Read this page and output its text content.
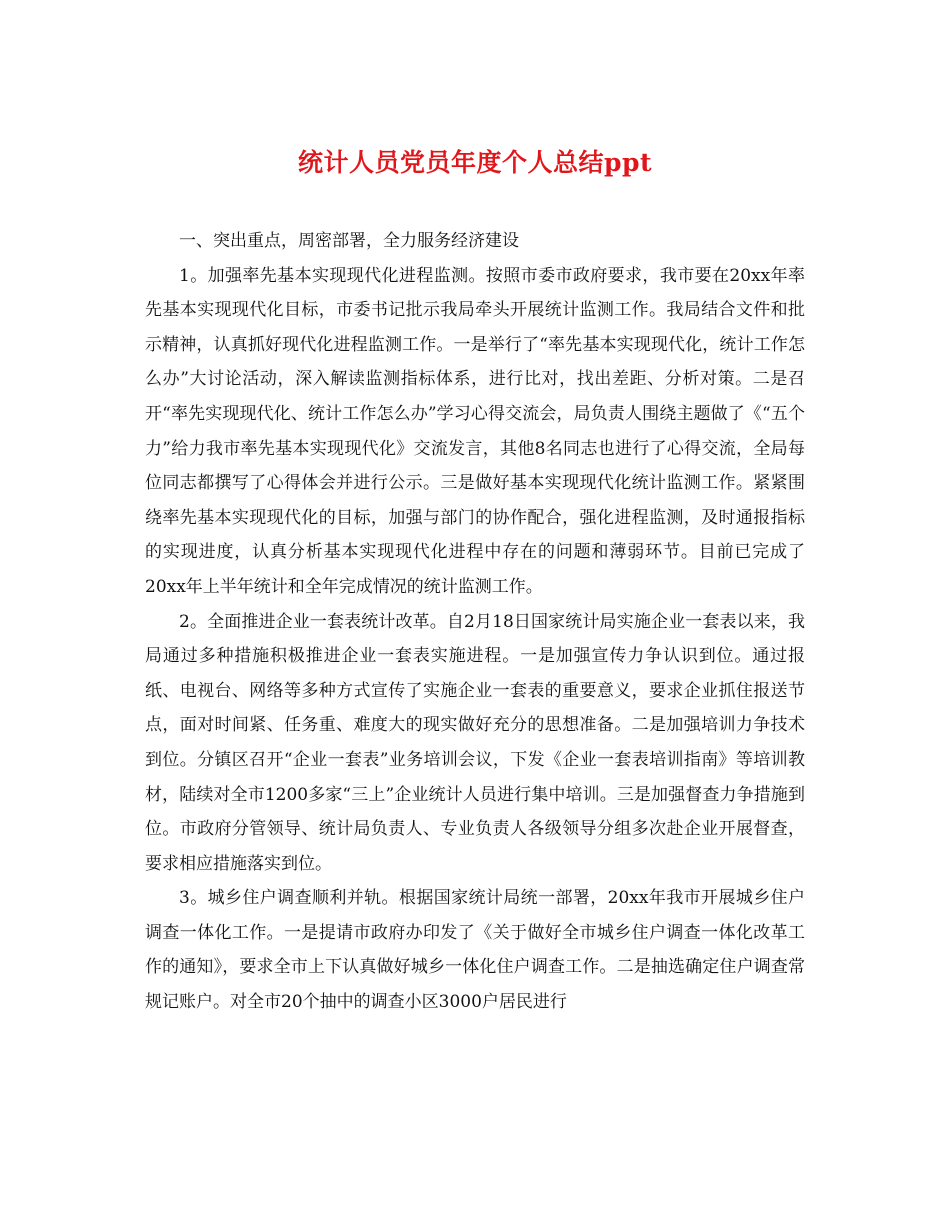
统计人员党员年度个人总结ppt

一、突出重点，周密部署，全力服务经济建设

1。加强率先基本实现现代化进程监测。按照市委市政府要求，我市要在20xx年率先基本实现现代化目标，市委书记批示我局牵头开展统计监测工作。我局结合文件和批示精神，认真抓好现代化进程监测工作。一是举行了“率先基本实现现代化，统计工作怎么办”大讨论活动，深入解读监测指标体系，进行比对，找出差距、分析对策。二是召开“率先实现现代化、统计工作怎么办”学习心得交流会，局负责人围绕主题做了《“五个力”给力我市率先基本实现现代化》交流发言，其他8名同志也进行了心得交流，全局每位同志都撰写了心得体会并进行公示。三是做好基本实现现代化统计监测工作。紧紧围绕率先基本实现现代化的目标，加强与部门的协作配合，强化进程监测，及时通报指标的实现进度，认真分析基本实现现代化进程中存在的问题和薄弱环节。目前已完成了20xx年上半年统计和全年完成情况的统计监测工作。

2。全面推进企业一套表统计改革。自2月18日国家统计局实施企业一套表以来，我局通过多种措施积极推进企业一套表实施进程。一是加强宣传力争认识到位。通过报纸、电视台、网络等多种方式宣传了实施企业一套表的重要意义，要求企业抓住报送节点，面对时间紧、任务重、难度大的现实做好充分的思想准备。二是加强培训力争技术到位。分镇区召开“企业一套表”业务培训会议，下发《企业一套表培训指南》等培训教材，陆续对全市1200多家“三上”企业统计人员进行集中培训。三是加强督查力争措施到位。市政府分管领导、统计局负责人、专业负责人各级领导分组多次赴企业开展督查，要求相应措施落实到位。

3。城乡住户调查顺利并轨。根据国家统计局统一部署，20xx年我市开展城乡住户调查一体化工作。一是提请市政府办印发了《关于做好全市城乡住户调查一体化改革工作的通知》，要求全市上下认真做好城乡一体化住户调查工作。二是抽选确定住户调查常规记账户。对全市20个抽中的调查小区3000户居民进行
